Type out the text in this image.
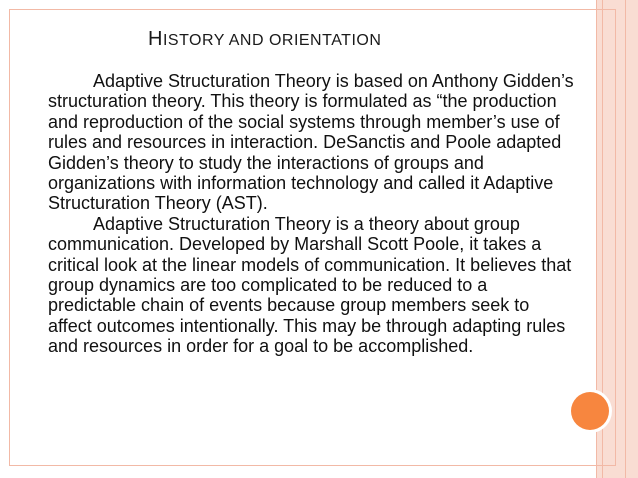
HISTORY AND ORIENTATION

Adaptive Structuration Theory is based on Anthony Gidden’s structuration theory. This theory is formulated as “the production and reproduction of the social systems through member’s use of rules and resources in interaction. DeSanctis and Poole adapted Gidden’s theory to study the interactions of groups and organizations with information technology and called it Adaptive Structuration Theory (AST).

Adaptive Structuration Theory is a theory about group communication. Developed by Marshall Scott Poole, it takes a critical look at the linear models of communication. It believes that group dynamics are too complicated to be reduced to a predictable chain of events because group members seek to affect outcomes intentionally. This may be through adapting rules and resources in order for a goal to be accomplished.
